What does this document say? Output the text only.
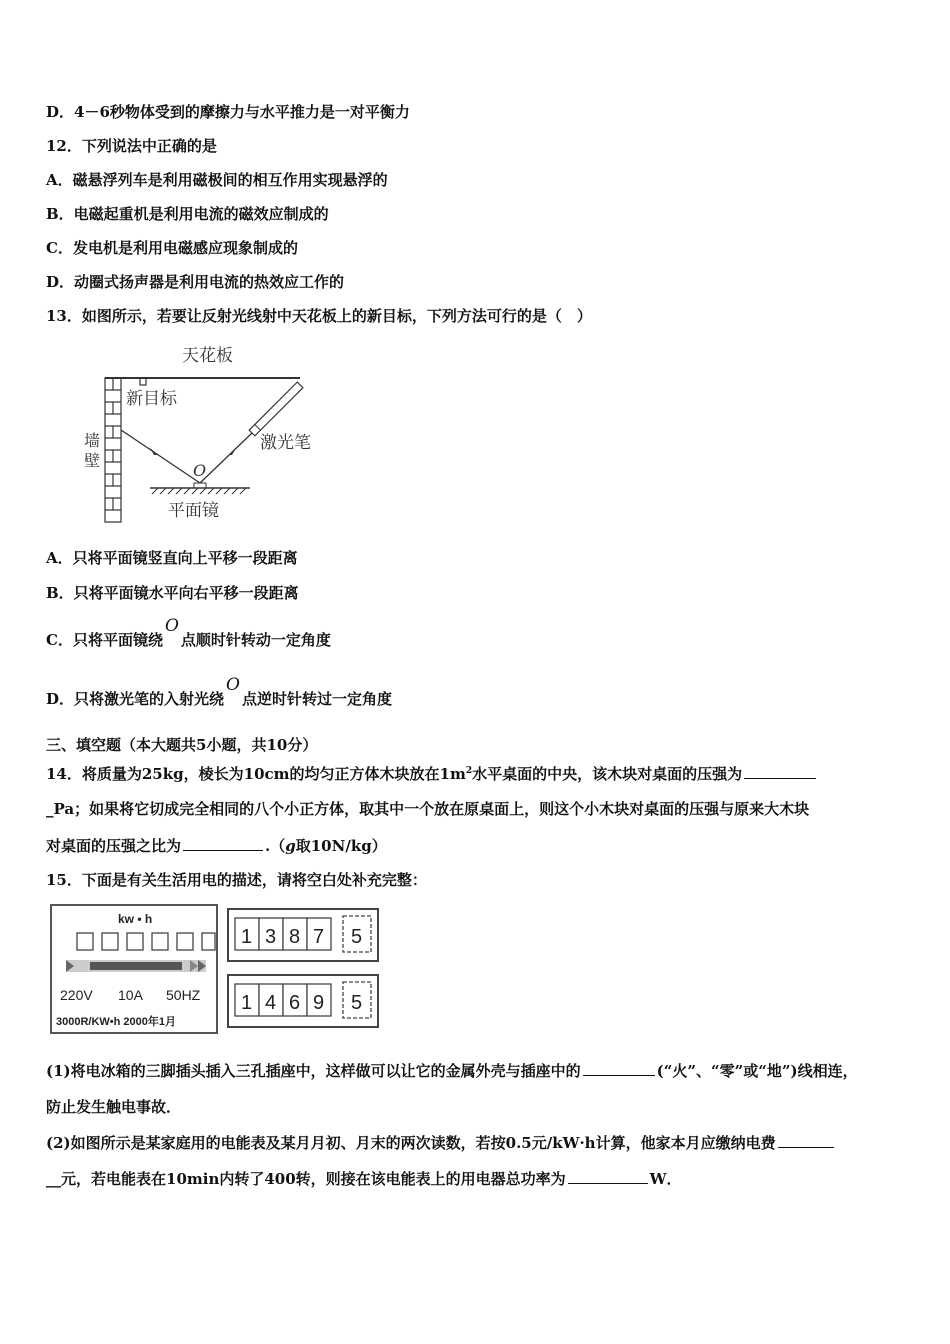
D．4－6秒物体受到的摩擦力与水平推力是一对平衡力
12．下列说法中正确的是
A．磁悬浮列车是利用磁极间的相互作用实现悬浮的
B．电磁起重机是利用电流的磁效应制成的
C．发电机是利用电磁感应现象制成的
D．动圈式扬声器是利用电流的热效应工作的
13．如图所示，若要让反射光线射中天花板上的新目标，下列方法可行的是（　）
天花板
墙
壁
新目标
激光笔
O
平面镜
A．只将平面镜竖直向上平移一段距离
B．只将平面镜水平向右平移一段距离
C．只将平面镜绕O点顺时针转动一定角度
D．只将激光笔的入射光绕O点逆时针转过一定角度
三、填空题（本大题共5小题，共10分）
14．将质量为25kg，棱长为10cm的均匀正方体木块放在$1m^2$水平桌面的中央，该木块对桌面的压强为
_Pa；如果将它切成完全相同的八个小正方体，取其中一个放在原桌面上，则这个小木块对桌面的压强与原来大木块
对桌面的压强之比为	.（g取10N/kg）
15．下面是有关生活用电的描述，请将空白处补充完整：
kw • h
220V 10A 50HZ
3000R/KW•h 2000年1月
1 3 8 7 5
1 4 6 9 5
(1)将电冰箱的三脚插头插入三孔插座中，这样做可以让它的金属外壳与插座中的	(“火”、“零”或“地”)线相连，
防止发生触电事故．
(2)如图所示是某家庭用的电能表及某月月初、月末的两次读数，若按0.5元/kW·h计算，他家本月应缴纳电费
__元，若电能表在10min内转了400转，则接在该电能表上的用电器总功率为	W．
